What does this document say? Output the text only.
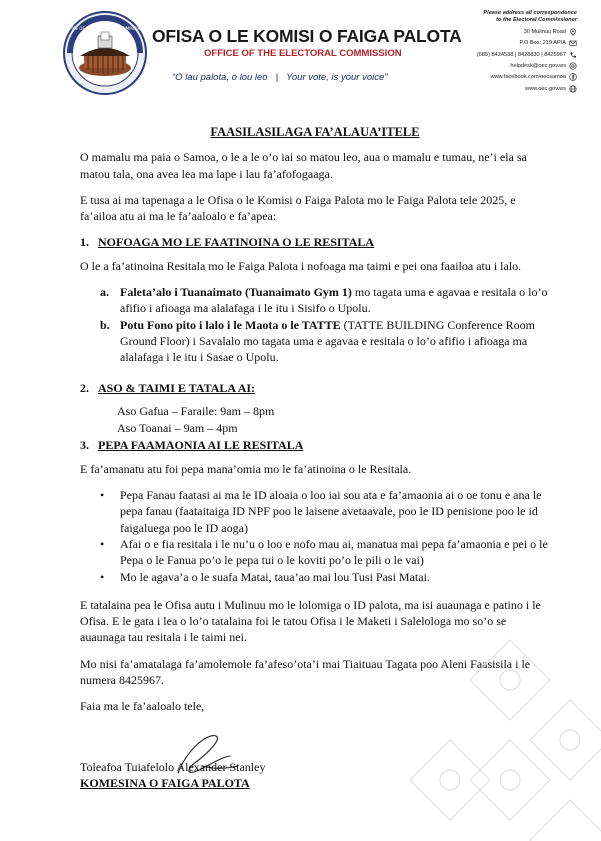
OFFICE OF THE ELECTORAL COMMISSION OFISA O LE KOMISI O FAIGA PALOTA
OFFICE OF THE ELECTORAL COMMISSION
“O lau palota, o lou leo | Your vote, is your voice”
Please address all correspondence
to the Electoral Commissioner
30 Mulinuu Road
P.O Box: 219 APIA
(685) 8424538 | 8428830 | 8425967
helpdesk@oec.gov.ws
www.facebook.com/oecsamoa
www.oec.gov.ws
FAASILASILAGA FA’ALAUA’ITELE

O mamalu ma paia o Samoa, o le a le o’o iai so matou leo, aua o mamalu e tumau, ne’i ela sa matou tala, ona avea lea ma lape i lau fa’afofogaaga.

E tusa ai ma tapenaga a le Ofisa o le Komisi o Faiga Palota mo le Faiga Palota tele 2025, e fa’ailoa atu ai ma le fa’aaloalo e fa’apea:

1. NOFOAGA MO LE FAATINOINA O LE RESITALA

O le a fa’atinoina Resitala mo le Faiga Palota i nofoaga ma taimi e pei ona faailoa atu i lalo.

a. Faleta’alo i Tuanaimato (Tuanaimato Gym 1) mo tagata uma e agavaa e resitala o lo’o afifio i afioaga ma alalafaga i le itu i Sisifo o Upolu.
b. Potu Fono pito i lalo i le Maota o le TATTE (TATTE BUILDING Conference Room Ground Floor) i Savalalo mo tagata uma e agavaa e resitala o lo’o afifio i afioaga ma alalafaga i le itu i Sasae o Upolu.
2. ASO & TAIMI E TATALA AI:
Aso Gafua – Faraile: 9am – 8pm
Aso Toanai – 9am – 4pm
3. PEPA FAAMAONIA AI LE RESITALA

E fa’amanatu atu foi pepa mana’omia mo le fa’atinoina o le Resitala.

•	Pepa Fanau faatasi ai ma le ID aloaia o loo iai sou ata e fa’amaonia ai o oe tonu e ana le pepa fanau (faataitaiga ID NPF poo le laisene avetaavale, poo le ID penisione poo le id faigaluega poo le ID aoga)
•	Afai o e fia resitala i le nu’u o loo e nofo mau ai, manatua mai pepa fa’amaonia e pei o le Pepa o le Fanua po’o le pepa tui o le koviti po’o le pili o le vai)
•	Mo le agava’a o le suafa Matai, taua’ao mai lou Tusi Pasi Matai.

E tatalaina pea le Ofisa autu i Mulinuu mo le lolomiga o ID palota, ma isi auaunaga e patino i le Ofisa. E le gata i lea o lo’o tatalaina foi le tatou Ofisa i le Maketi i Salelologa mo so’o se auaunaga tau resitala i le taimi nei.

Mo nisi fa’amatalaga fa’amolemole fa’afeso’ota’i mai Tiaituau Tagata poo Aleni Faasisila i le numera 8425967.

Faia ma le fa’aaloalo tele,

Toleafoa Tuiafelolo Alexander Stanley
KOMESINA O FAIGA PALOTA
